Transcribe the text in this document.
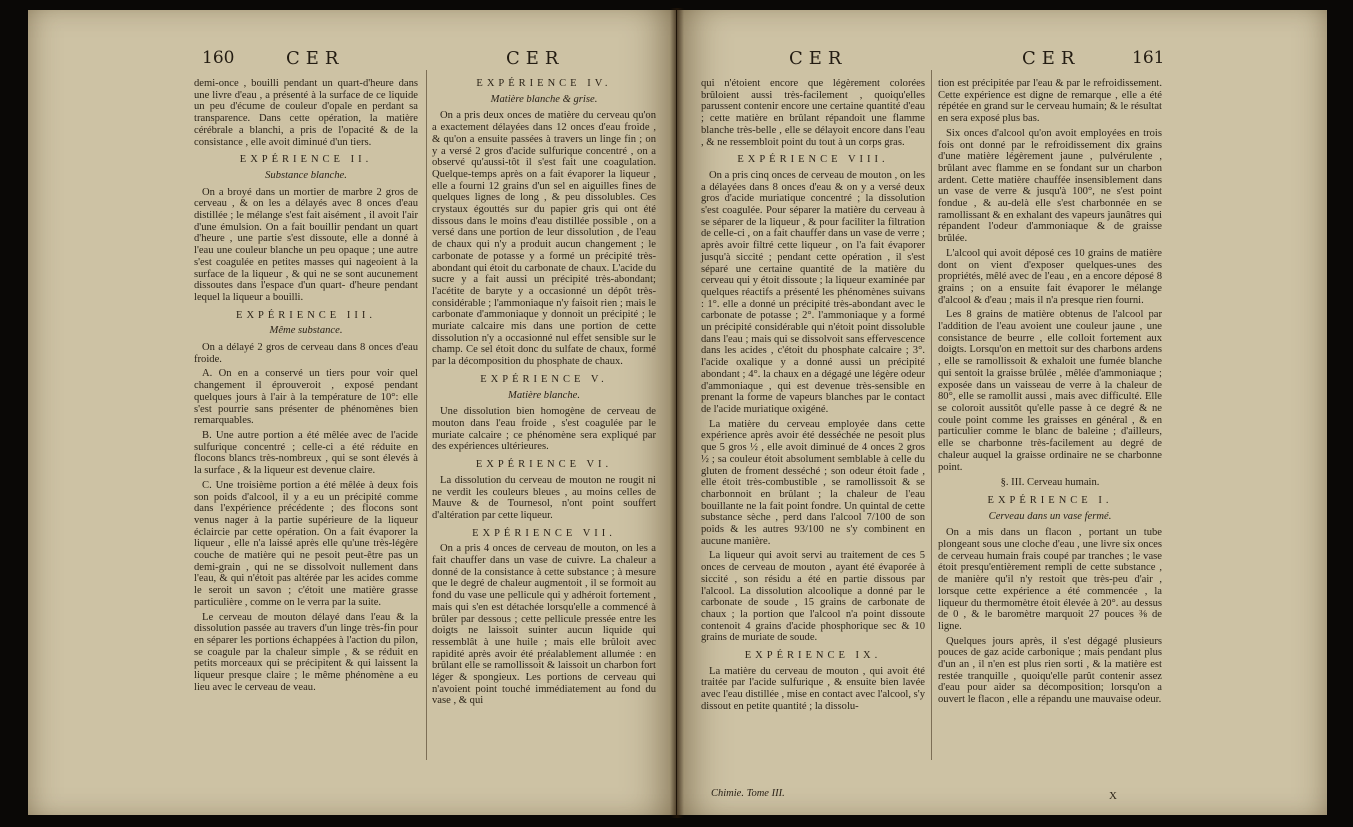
160	CER	CER

demi-once , bouilli pendant un quart-d'heure dans une livre d'eau , a présenté à la surface de ce liquide un peu d'écume de couleur d'opale en perdant sa transparence. Dans cette opération, la matière cérébrale a blanchi, a pris de l'opacité & de la consistance , elle avoit diminué d'un tiers.

EXPÉRIENCE II.

Substance blanche.

On a broyé dans un mortier de marbre 2 gros de cerveau , & on les a délayés avec 8 onces d'eau distillée ; le mélange s'est fait aisément , il avoit l'air d'une émulsion. On a fait bouillir pendant un quart d'heure , une partie s'est dissoute, elle a donné à l'eau une couleur blanche un peu opaque ; une autre s'est coagulée en petites masses qui nageoient à la surface de la liqueur , & qui ne se sont aucunement dissoutes dans l'espace d'un quart- d'heure pendant lequel la liqueur a bouilli.

EXPÉRIENCE III.

Même substance.

On a délayé 2 gros de cerveau dans 8 onces d'eau froide.

A. On en a conservé un tiers pour voir quel changement il éprouveroit , exposé pendant quelques jours à l'air à la température de 10°: elle s'est pourrie sans présenter de phénomènes bien remarquables.

B. Une autre portion a été mêlée avec de l'acide sulfurique concentré ; celle-ci a été réduite en flocons blancs très-nombreux , qui se sont élevés à la surface , & la liqueur est devenue claire.

C. Une troisième portion a été mêlée à deux fois son poids d'alcool, il y a eu un précipité comme dans l'expérience précédente ; des flocons sont venus nager à la partie supérieure de la liqueur éclaircie par cette opération. On a fait évaporer la liqueur , elle n'a laissé après elle qu'une très-légère couche de matière qui ne pesoit peut-être pas un demi-grain , qui ne se dissolvoit nullement dans l'eau, & qui n'étoit pas altérée par les acides comme le seroit un savon ; c'étoit une matière grasse particulière , comme on le verra par la suite.

Le cerveau de mouton délayé dans l'eau & la dissolution passée au travers d'un linge très-fin pour en séparer les portions échappées à l'action du pilon, se coagule par la chaleur simple , & se réduit en petits morceaux qui se précipitent & qui laissent la liqueur presque claire ; le même phénomène a eu lieu avec le cerveau de veau.

EXPÉRIENCE IV.

Matière blanche & grise.

On a pris deux onces de matière du cerveau qu'on a exactement délayées dans 12 onces d'eau froide , & qu'on a ensuite passées à travers un linge fin ; on y a versé 2 gros d'acide sulfurique concentré , on a observé qu'aussi-tôt il s'est fait une coagulation. Quelque-temps après on a fait évaporer la liqueur , elle a fourni 12 grains d'un sel en aiguilles fines de quelques lignes de long , & peu dissolubles. Ces crystaux égouttés sur du papier gris qui ont été dissous dans le moins d'eau distillée possible , on a versé dans une portion de leur dissolution , de l'eau de chaux qui n'y a produit aucun changement ; le carbonate de potasse y a formé un précipité très-abondant qui étoit du carbonate de chaux. L'acide du sucre y a fait aussi un précipité très-abondant; l'acétite de baryte y a occasionné un dépôt très-considérable ; l'ammoniaque n'y faisoit rien ; mais le carbonate d'ammoniaque y donnoit un précipité ; le muriate calcaire mis dans une portion de cette dissolution n'y a occasionné nul effet sensible sur le champ. Ce sel étoit donc du sulfate de chaux, formé par la décomposition du phosphate de chaux.

EXPÉRIENCE V.

Matière blanche.

Une dissolution bien homogène de cerveau de mouton dans l'eau froide , s'est coagulée par le muriate calcaire ; ce phénomène sera expliqué par des expériences ultérieures.

EXPÉRIENCE VI.

La dissolution du cerveau de mouton ne rougit ni ne verdit les couleurs bleues , au moins celles de Mauve & de Tournesol, n'ont point souffert d'altération par cette liqueur.

EXPÉRIENCE VII.

On a pris 4 onces de cerveau de mouton, on les a fait chauffer dans un vase de cuivre. La chaleur a donné de la consistance à cette substance ; à mesure que le degré de chaleur augmentoit , il se formoit au fond du vase une pellicule qui y adhéroit fortement , mais qui s'en est détachée lorsqu'elle a commencé à brûler par dessous ; cette pellicule pressée entre les doigts ne laissoit suinter aucun liquide qui ressemblât à une huile ; mais elle brûloit avec rapidité après avoir été préalablement allumée : en brûlant elle se ramollissoit & laissoit un charbon fort léger & spongieux. Les portions de cerveau qui n'avoient point touché immédiatement au fond du vase , & qui

CER	CER	161

qui n'étoient encore que légèrement colorées brûloient aussi très-facilement , quoiqu'elles parussent contenir encore une certaine quantité d'eau ; cette matière en brûlant répandoit une flamme blanche très-belle , elle se délayoit encore dans l'eau , & ne ressembloit point du tout à un corps gras.

EXPÉRIENCE VIII.

On a pris cinq onces de cerveau de mouton , on les a délayées dans 8 onces d'eau & on y a versé deux gros d'acide muriatique concentré ; la dissolution s'est coagulée. Pour séparer la matière du cerveau à se séparer de la liqueur , & pour faciliter la filtration de celle-ci , on a fait chauffer dans un vase de verre ; après avoir filtré cette liqueur , on l'a fait évaporer jusqu'à siccité ; pendant cette opération , il s'est séparé une certaine quantité de la matière du cerveau qui y étoit dissoute ; la liqueur examinée par quelques réactifs a présenté les phénomènes suivans : 1°. elle a donné un précipité très-abondant avec le carbonate de potasse ; 2°. l'ammoniaque y a formé un précipité considérable qui n'étoit point dissoluble dans l'eau ; mais qui se dissolvoit sans effervescence dans les acides , c'étoit du phosphate calcaire ; 3°. l'acide oxalique y a donné aussi un précipité abondant ; 4°. la chaux en a dégagé une légère odeur d'ammoniaque , qui est devenue très-sensible en prenant la forme de vapeurs blanches par le contact de l'acide muriatique oxigéné.

La matière du cerveau employée dans cette expérience après avoir été desséchée ne pesoit plus que 5 gros ½ , elle avoit diminué de 4 onces 2 gros ½ ; sa couleur étoit absolument semblable à celle du gluten de froment desséché ; son odeur étoit fade , elle étoit très-combustible , se ramollissoit & se charbonnoit en brûlant ; la chaleur de l'eau bouillante ne la fait point fondre. Un quintal de cette substance sèche , perd dans l'alcool 7/100 de son poids & les autres 93/100 ne s'y combinent en aucune manière.

La liqueur qui avoit servi au traitement de ces 5 onces de cerveau de mouton , ayant été évaporée à siccité , son résidu a été en partie dissous par l'alcool. La dissolution alcoolique a donné par le carbonate de soude , 15 grains de carbonate de chaux ; la portion que l'alcool n'a point dissoute contenoit 4 grains d'acide phosphorique sec & 10 grains de muriate de soude.

EXPÉRIENCE IX.

La matière du cerveau de mouton , qui avoit été traitée par l'acide sulfurique , & ensuite bien lavée avec l'eau distillée , mise en contact avec l'alcool, s'y dissout en petite quantité ; la dissolu-

Chimie. Tome III.

tion est précipitée par l'eau & par le refroidissement. Cette expérience est digne de remarque , elle a été répétée en grand sur le cerveau humain; & le résultat en sera exposé plus bas.

Six onces d'alcool qu'on avoit employées en trois fois ont donné par le refroidissement dix grains d'une matière légèrement jaune , pulvérulente , brûlant avec flamme en se fondant sur un charbon ardent. Cette matière chauffée insensiblement dans un vase de verre & jusqu'à 100°, ne s'est point fondue , & au-delà elle s'est charbonnée en se ramollissant & en exhalant des vapeurs jaunâtres qui répandent l'odeur d'ammoniaque & de graisse brûlée.

L'alcool qui avoit déposé ces 10 grains de matière dont on vient d'exposer quelques-unes des propriétés, mêlé avec de l'eau , en a encore déposé 8 grains ; on a ensuite fait évaporer le mélange d'alcool & d'eau ; mais il n'a presque rien fourni.

Les 8 grains de matière obtenus de l'alcool par l'addition de l'eau avoient une couleur jaune , une consistance de beurre , elle colloit fortement aux doigts. Lorsqu'on en mettoit sur des charbons ardens , elle se ramollissoit & exhaloit une fumée blanche qui sentoit la graisse brûlée , mêlée d'ammoniaque ; exposée dans un vaisseau de verre à la chaleur de 80°, elle se ramollit aussi , mais avec difficulté. Elle se coloroit aussitôt qu'elle passe à ce degré & ne coule point comme les graisses en général , & en particulier comme le blanc de baleine ; d'ailleurs, elle se charbonne très-facilement au degré de chaleur auquel la graisse ordinaire ne se charbonne point.

§. III. Cerveau humain.

EXPÉRIENCE I.

Cerveau dans un vase fermé.

On a mis dans un flacon , portant un tube plongeant sous une cloche d'eau , une livre six onces de cerveau humain frais coupé par tranches ; le vase étoit presqu'entièrement rempli de cette substance , de manière qu'il n'y restoit que très-peu d'air , lorsque cette expérience a été commencée , la liqueur du thermomètre étoit élevée à 20°. au dessus de 0 , & le baromètre marquoit 27 pouces ⅜ de ligne.

Quelques jours après, il s'est dégagé plusieurs pouces de gaz acide carbonique ; mais pendant plus d'un an , il n'en est plus rien sorti , & la matière est restée tranquille , quoiqu'elle parût contenir assez d'eau pour aider sa décomposition; lorsqu'on a ouvert le flacon , elle a répandu une mauvaise odeur.

X
